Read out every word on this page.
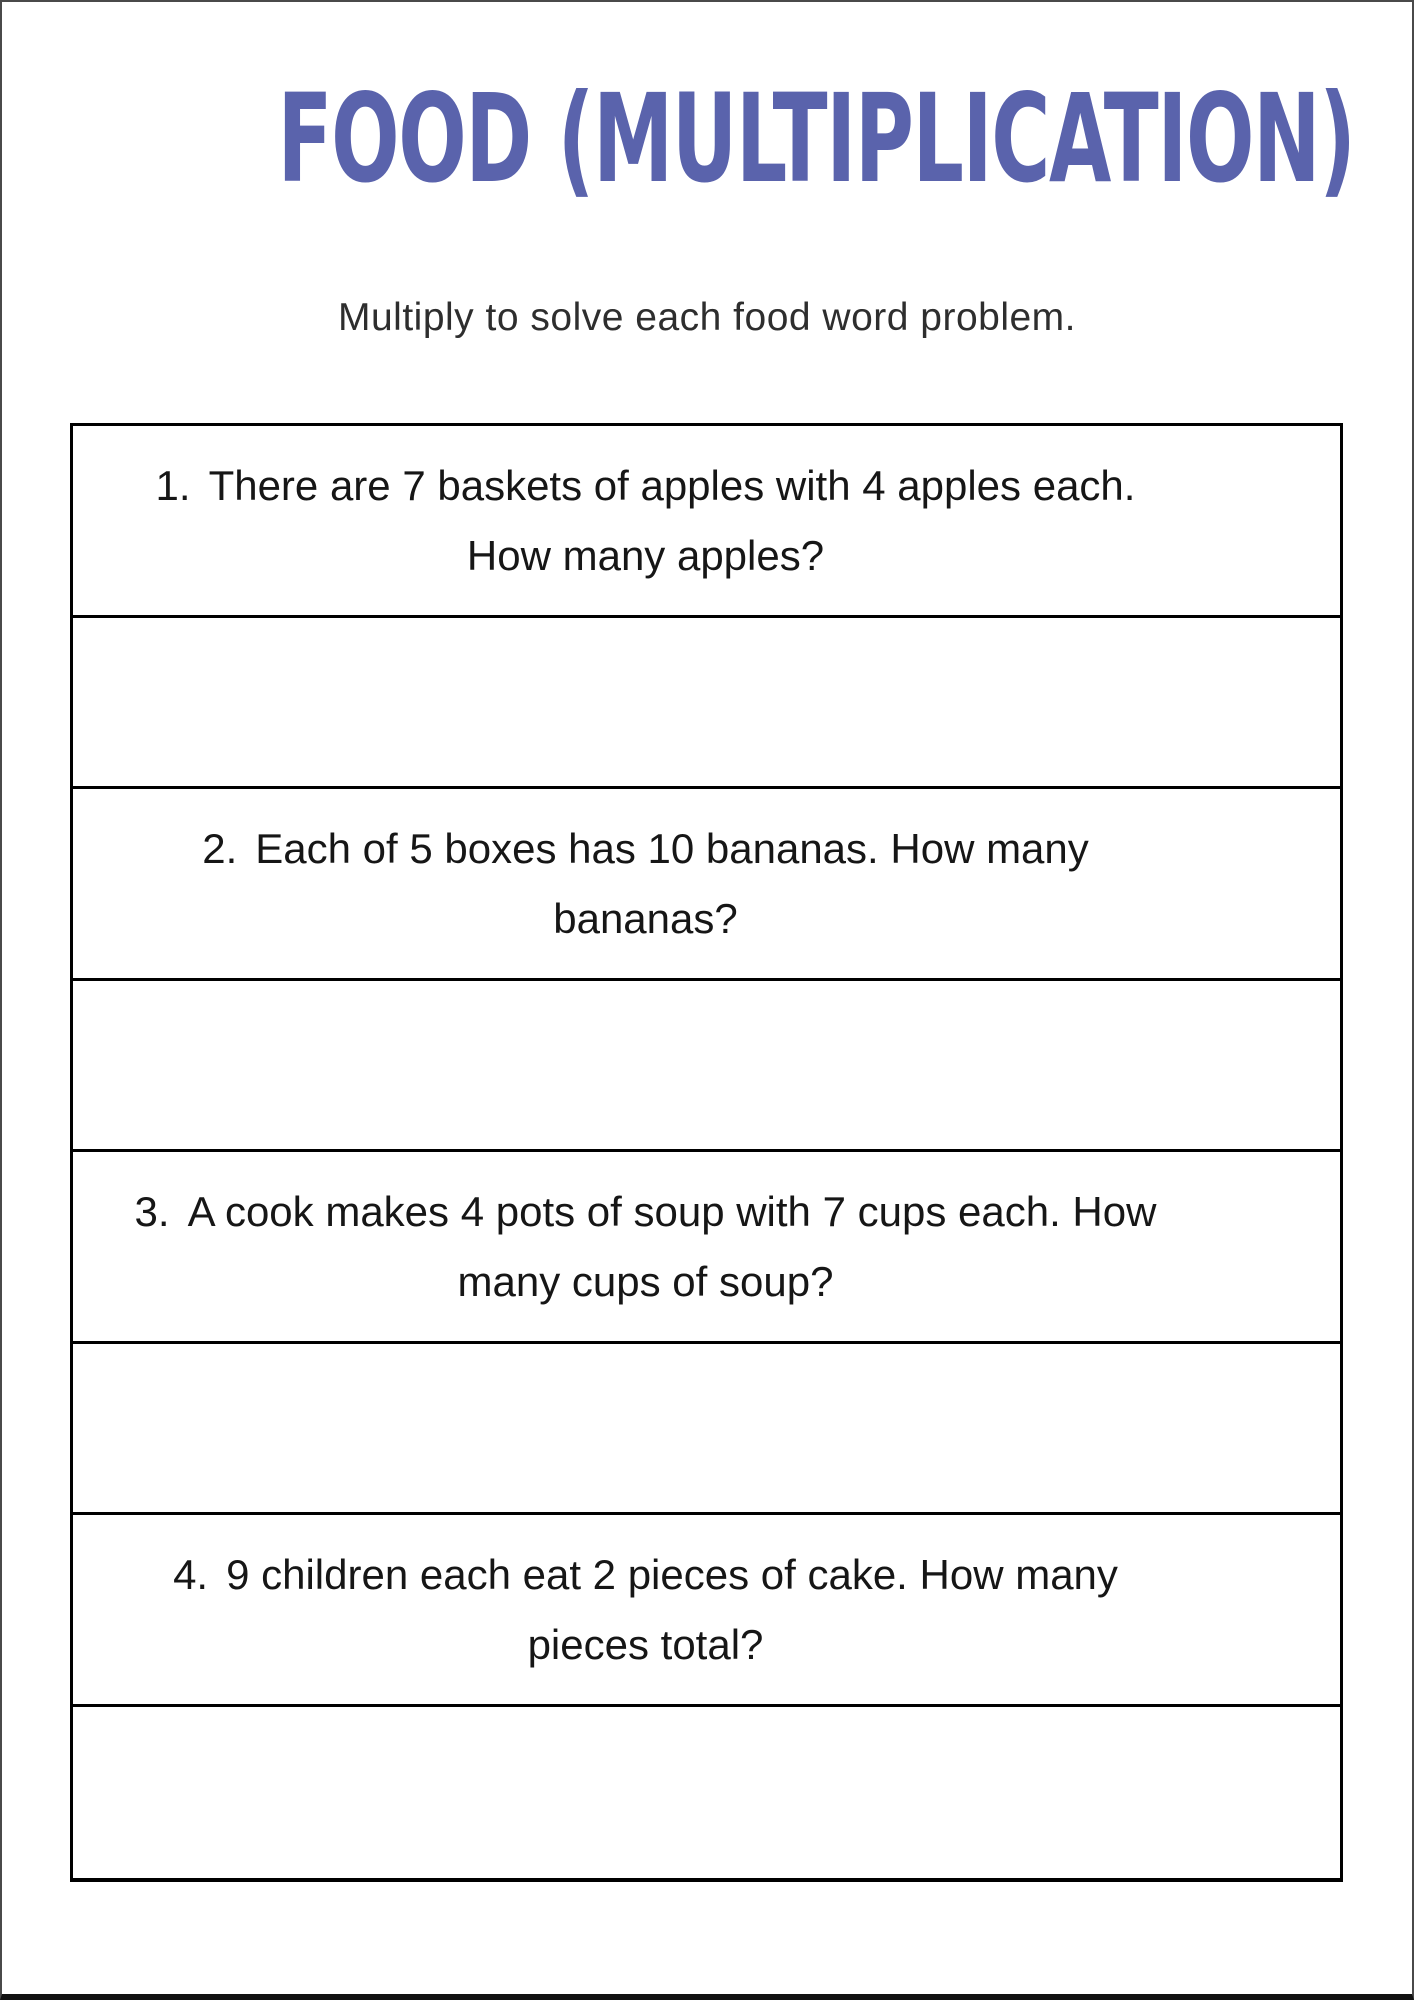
FOOD (MULTIPLICATION)
Multiply to solve each food word problem.
1. There are 7 baskets of apples with 4 apples each.
How many apples?
2. Each of 5 boxes has 10 bananas. How many
bananas?
3. A cook makes 4 pots of soup with 7 cups each. How
many cups of soup?
4. 9 children each eat 2 pieces of cake. How many
pieces total?
